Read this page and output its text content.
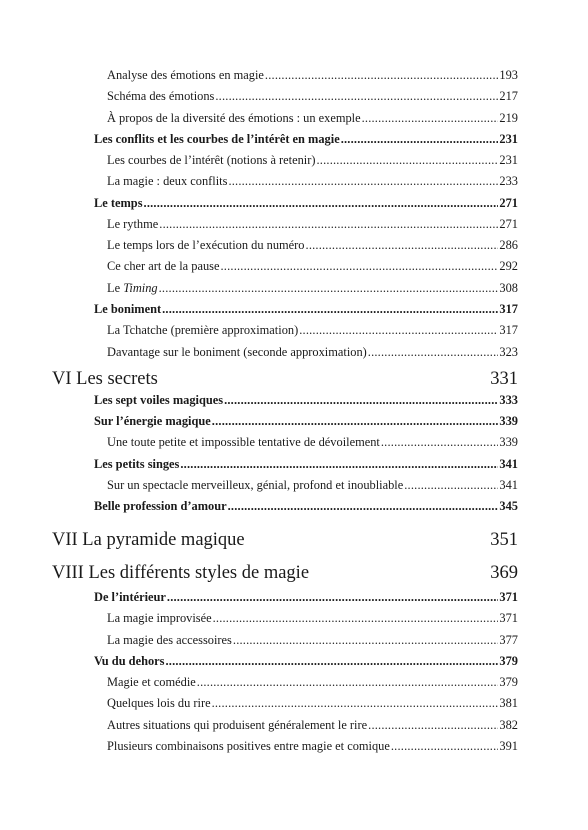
Analyse des émotions en magie .....	193
Schéma des émotions .....	217
À propos de la diversité des émotions : un exemple .....	219
Les conflits et les courbes de l’intérêt en magie .....	231
Les courbes de l’intérêt (notions à retenir) .....	231
La magie : deux conflits .....	233
Le temps .....	271
Le rythme .....	271
Le temps lors de l’exécution du numéro .....	286
Ce cher art de la pause .....	292
Le Timing .....	308
Le boniment .....	317
La Tchatche (première approximation) .....	317
Davantage sur le boniment (seconde approximation) .....	323
VI Les secrets	331
Les sept voiles magiques .....	333
Sur l’énergie magique .....	339
Une toute petite et impossible tentative de dévoilement .....	339
Les petits singes .....	341
Sur un spectacle merveilleux, génial, profond et inoubliable .....	341
Belle profession d’amour .....	345
VII La pyramide magique	351
VIII Les différents styles de magie	369
De l’intérieur .....	371
La magie improvisée .....	371
La magie des accessoires .....	377
Vu du dehors .....	379
Magie et comédie .....	379
Quelques lois du rire .....	381
Autres situations qui produisent généralement le rire .....	382
Plusieurs combinaisons positives entre magie et comique .....	391
